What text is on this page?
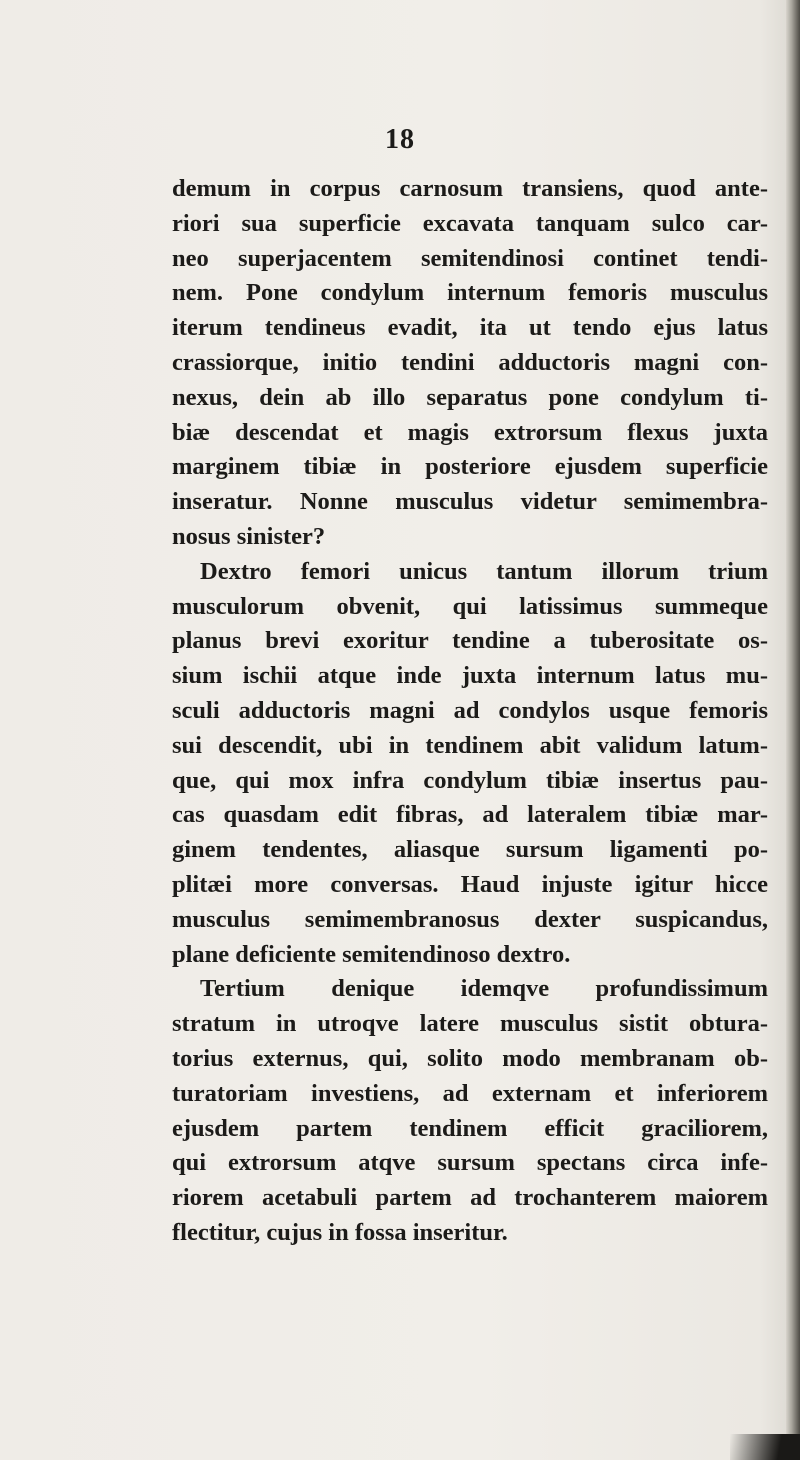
18
demum in corpus carnosum transiens, quod ante-
riori sua superficie excavata tanquam sulco car-
neo superjacentem semitendinosi continet tendi-
nem. Pone condylum internum femoris musculus
iterum tendineus evadit, ita ut tendo ejus latus
crassiorque, initio tendini adductoris magni con-
nexus, dein ab illo separatus pone condylum ti-
biæ descendat et magis extrorsum flexus juxta
marginem tibiæ in posteriore ejusdem superficie
inseratur. Nonne musculus videtur semimembra-
nosus sinister?
Dextro femori unicus tantum illorum trium
musculorum obvenit, qui latissimus summeque
planus brevi exoritur tendine a tuberositate os-
sium ischii atque inde juxta internum latus mu-
sculi adductoris magni ad condylos usque femoris
sui descendit, ubi in tendinem abit validum latum-
que, qui mox infra condylum tibiæ insertus pau-
cas quasdam edit fibras, ad lateralem tibiæ mar-
ginem tendentes, aliasque sursum ligamenti po-
plitæi more conversas. Haud injuste igitur hicce
musculus semimembranosus dexter suspicandus,
plane deficiente semitendinoso dextro.
Tertium denique idemqve profundissimum
stratum in utroqve latere musculus sistit obtura-
torius externus, qui, solito modo membranam ob-
turatoriam investiens, ad externam et inferiorem
ejusdem partem tendinem efficit graciliorem,
qui extrorsum atqve sursum spectans circa infe-
riorem acetabuli partem ad trochanterem maiorem
flectitur, cujus in fossa inseritur.
